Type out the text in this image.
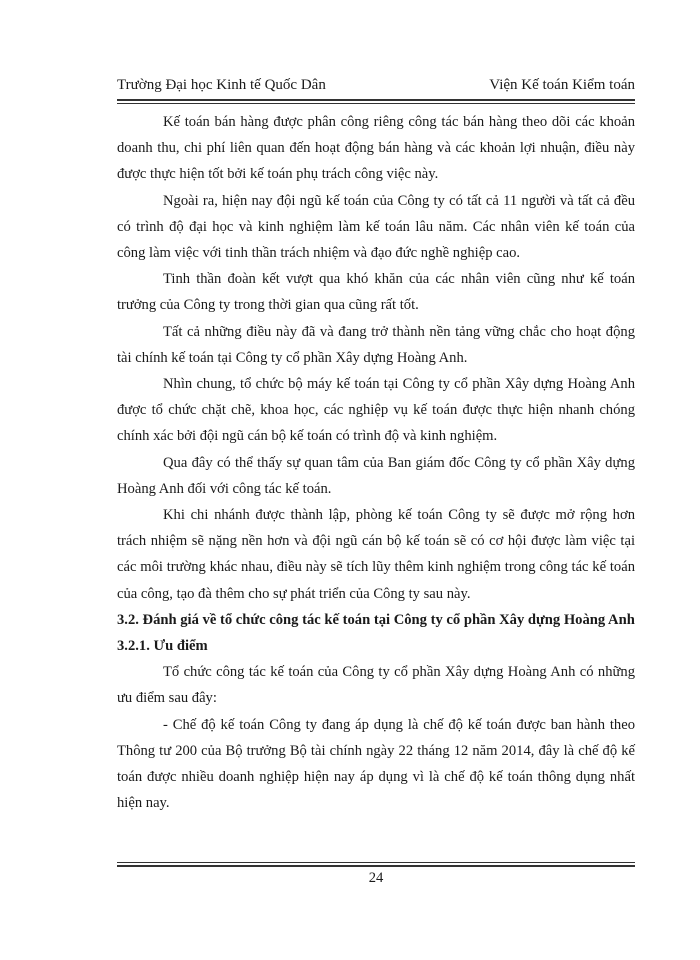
Trường Đại học Kinh tế Quốc Dân	Viện Kế toán Kiểm toán

Kế toán bán hàng được phân công riêng công tác bán hàng theo dõi các khoản doanh thu, chi phí liên quan đến hoạt động bán hàng và các khoản lợi nhuận, điều này được thực hiện tốt bởi kế toán phụ trách công việc này.

Ngoài ra, hiện nay đội ngũ kế toán của Công ty có tất cả 11 người và tất cả đều có trình độ đại học và kinh nghiệm làm kế toán lâu năm. Các nhân viên kế toán của công làm việc với tinh thần trách nhiệm và đạo đức nghề nghiệp cao.

Tinh thần đoàn kết vượt qua khó khăn của các nhân viên cũng như kế toán trưởng của Công ty trong thời gian qua cũng rất tốt.

Tất cả những điều này đã và đang trở thành nền tảng vững chắc cho hoạt động tài chính kế toán tại Công ty cổ phần Xây dựng Hoàng Anh.

Nhìn chung, tổ chức bộ máy kế toán tại Công ty cổ phần Xây dựng Hoàng Anh được tổ chức chặt chẽ, khoa học, các nghiệp vụ kế toán được thực hiện nhanh chóng chính xác bởi đội ngũ cán bộ kế toán có trình độ và kinh nghiệm.

Qua đây có thể thấy sự quan tâm của Ban giám đốc Công ty cổ phần Xây dựng Hoàng Anh đối với công tác kế toán.

Khi chi nhánh được thành lập, phòng kế toán Công ty sẽ được mở rộng hơn trách nhiệm sẽ nặng nền hơn và đội ngũ cán bộ kế toán sẽ có cơ hội được làm việc tại các môi trường khác nhau, điều này sẽ tích lũy thêm kinh nghiệm trong công tác kế toán của công, tạo đà thêm cho sự phát triển của Công ty sau này.

3.2. Đánh giá về tổ chức công tác kế toán tại Công ty cổ phần Xây dựng Hoàng Anh

3.2.1. Ưu điểm

Tổ chức công tác kế toán của Công ty cổ phần Xây dựng Hoàng Anh có những ưu điểm sau đây:

- Chế độ kế toán Công ty đang áp dụng là chế độ kế toán được ban hành theo Thông tư 200 của Bộ trưởng Bộ tài chính ngày 22 tháng 12 năm 2014, đây là chế độ kế toán được nhiều doanh nghiệp hiện nay áp dụng vì là chế độ kế toán thông dụng nhất hiện nay.

24
